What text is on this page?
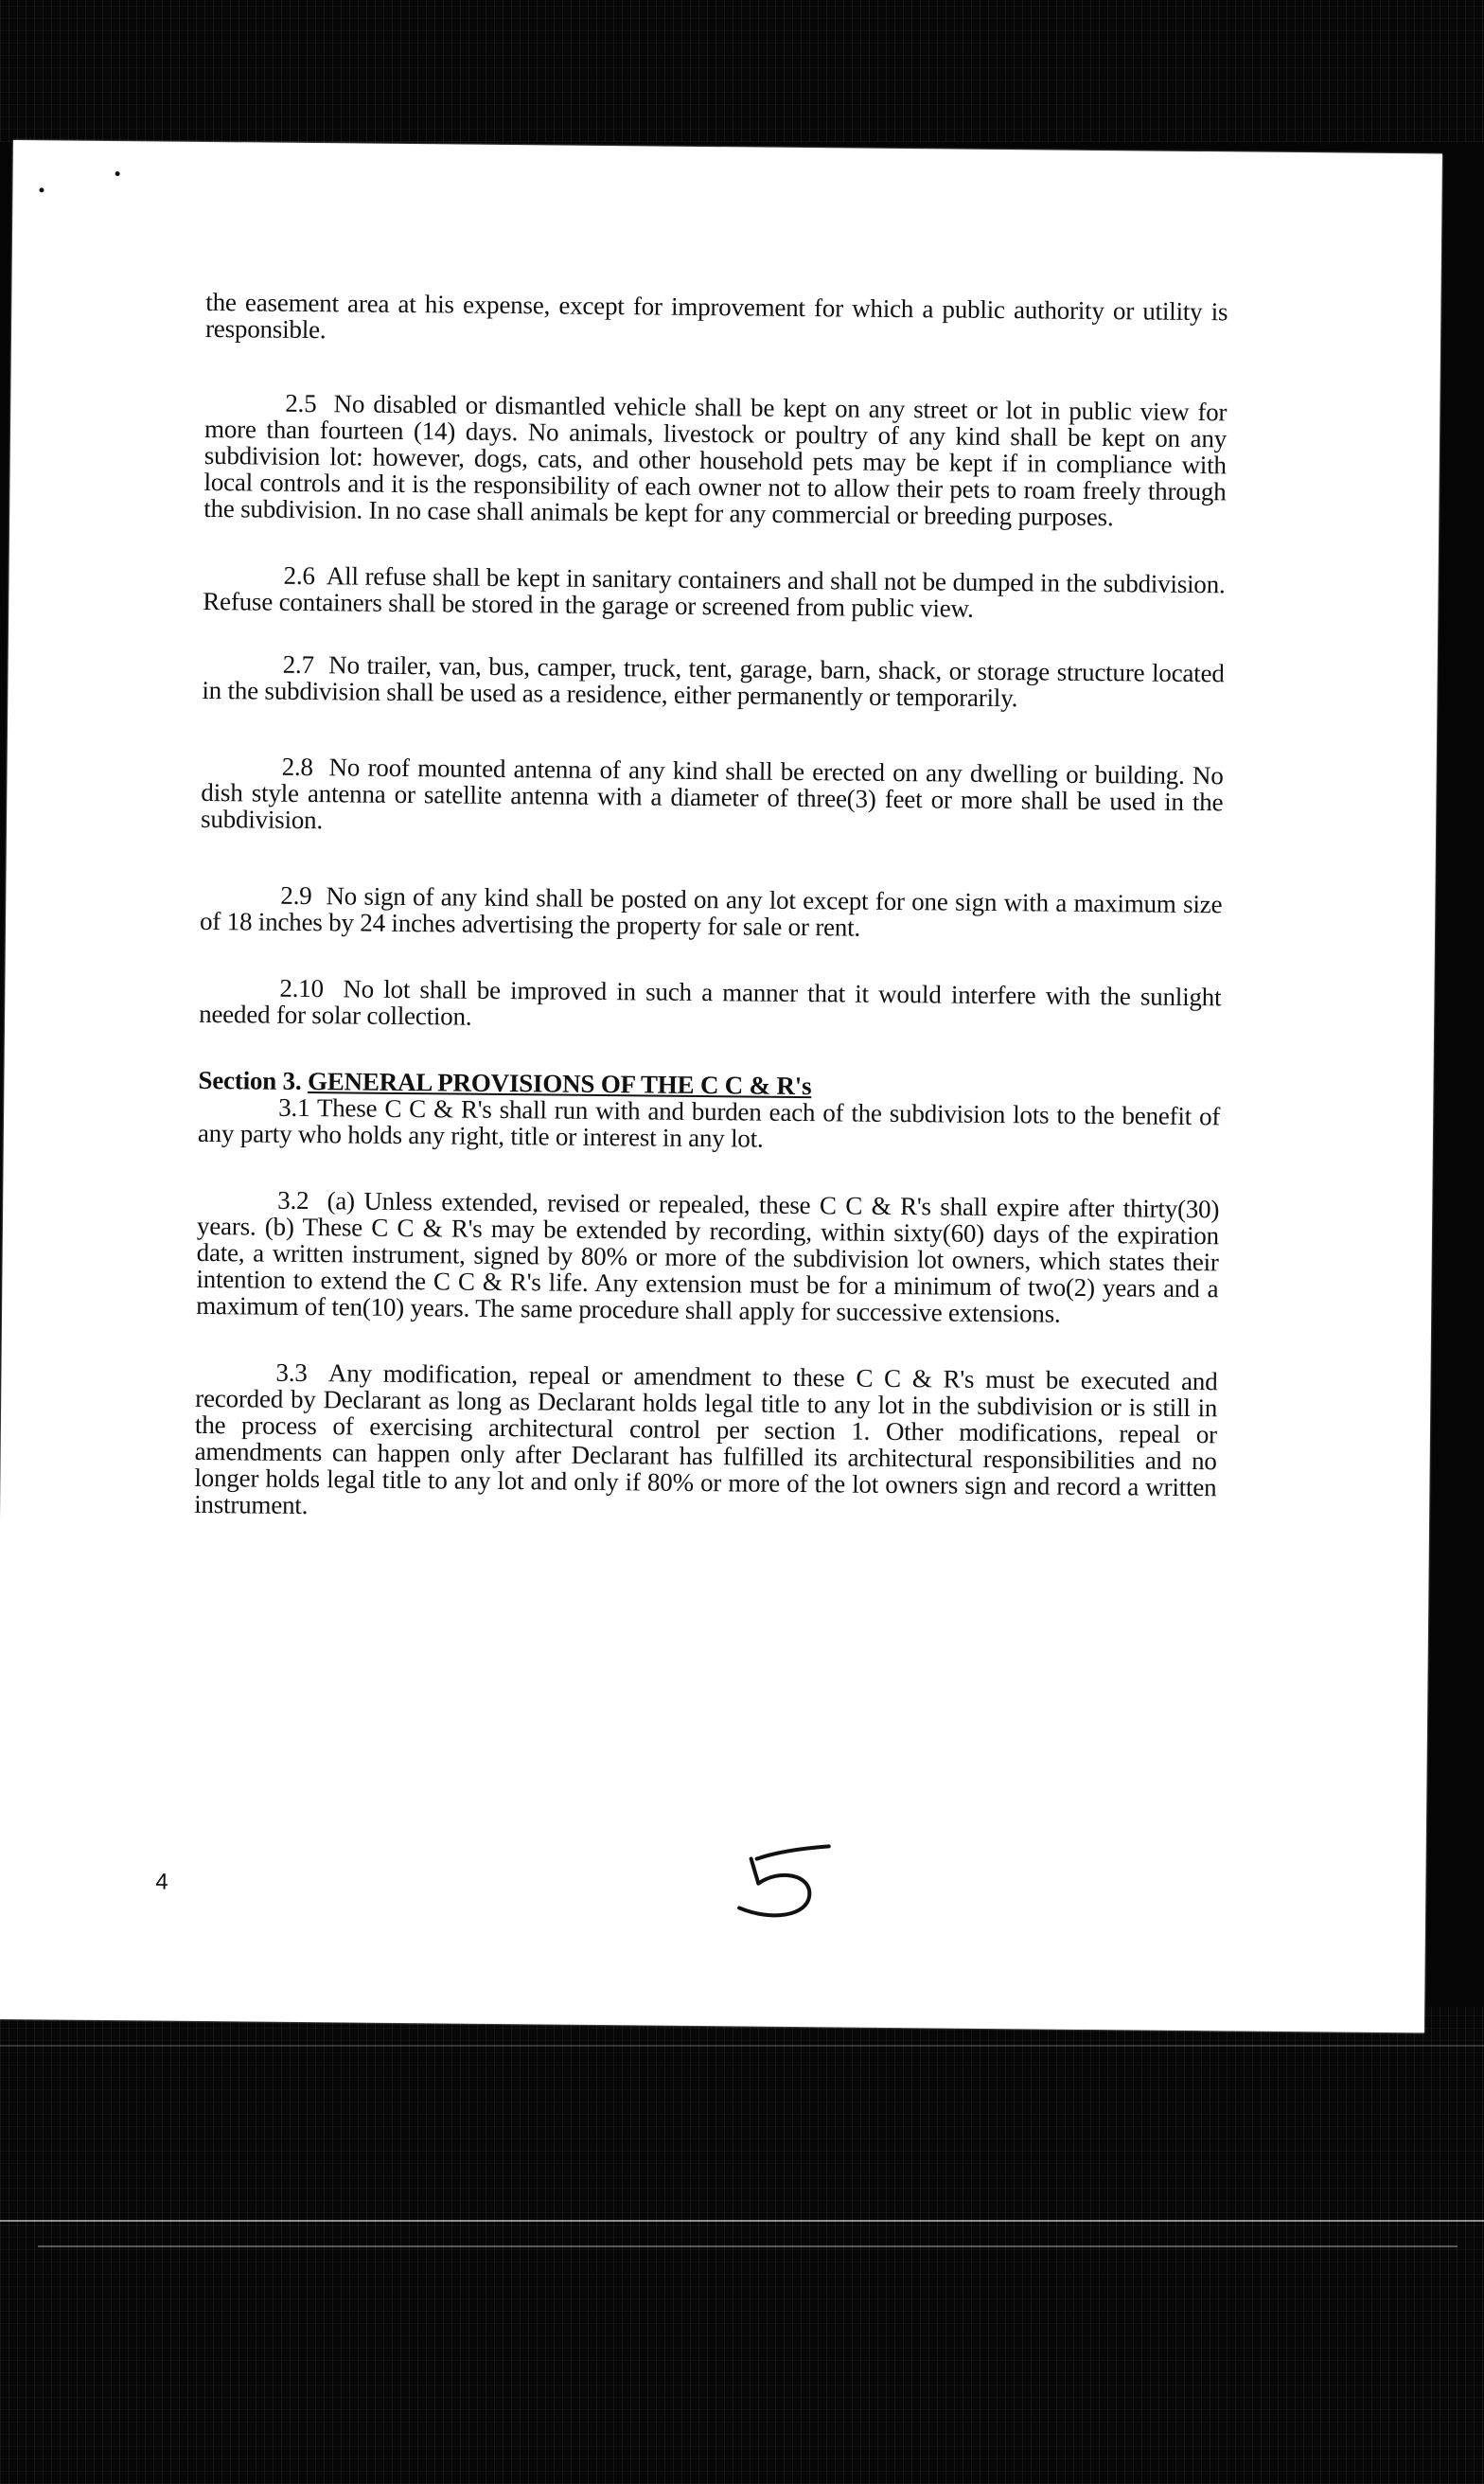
the easement area at his expense, except for improvement for which a public authority or utility is responsible.

2.5 No disabled or dismantled vehicle shall be kept on any street or lot in public view for more than fourteen (14) days. No animals, livestock or poultry of any kind shall be kept on any subdivision lot: however, dogs, cats, and other household pets may be kept if in compliance with local controls and it is the responsibility of each owner not to allow their pets to roam freely through the subdivision. In no case shall animals be kept for any commercial or breeding purposes.

2.6 All refuse shall be kept in sanitary containers and shall not be dumped in the subdivision. Refuse containers shall be stored in the garage or screened from public view.

2.7 No trailer, van, bus, camper, truck, tent, garage, barn, shack, or storage structure located in the subdivision shall be used as a residence, either permanently or temporarily.

2.8 No roof mounted antenna of any kind shall be erected on any dwelling or building. No dish style antenna or satellite antenna with a diameter of three(3) feet or more shall be used in the subdivision.

2.9 No sign of any kind shall be posted on any lot except for one sign with a maximum size of 18 inches by 24 inches advertising the property for sale or rent.

2.10 No lot shall be improved in such a manner that it would interfere with the sunlight needed for solar collection.

Section 3. GENERAL PROVISIONS OF THE C C & R's

3.1 These C C & R's shall run with and burden each of the subdivision lots to the benefit of any party who holds any right, title or interest in any lot.

3.2 (a) Unless extended, revised or repealed, these C C & R's shall expire after thirty(30) years. (b) These C C & R's may be extended by recording, within sixty(60) days of the expiration date, a written instrument, signed by 80% or more of the subdivision lot owners, which states their intention to extend the C C & R's life. Any extension must be for a minimum of two(2) years and a maximum of ten(10) years. The same procedure shall apply for successive extensions.

3.3 Any modification, repeal or amendment to these C C & R's must be executed and recorded by Declarant as long as Declarant holds legal title to any lot in the subdivision or is still in the process of exercising architectural control per section 1. Other modifications, repeal or amendments can happen only after Declarant has fulfilled its architectural responsibilities and no longer holds legal title to any lot and only if 80% or more of the lot owners sign and record a written instrument.

4
